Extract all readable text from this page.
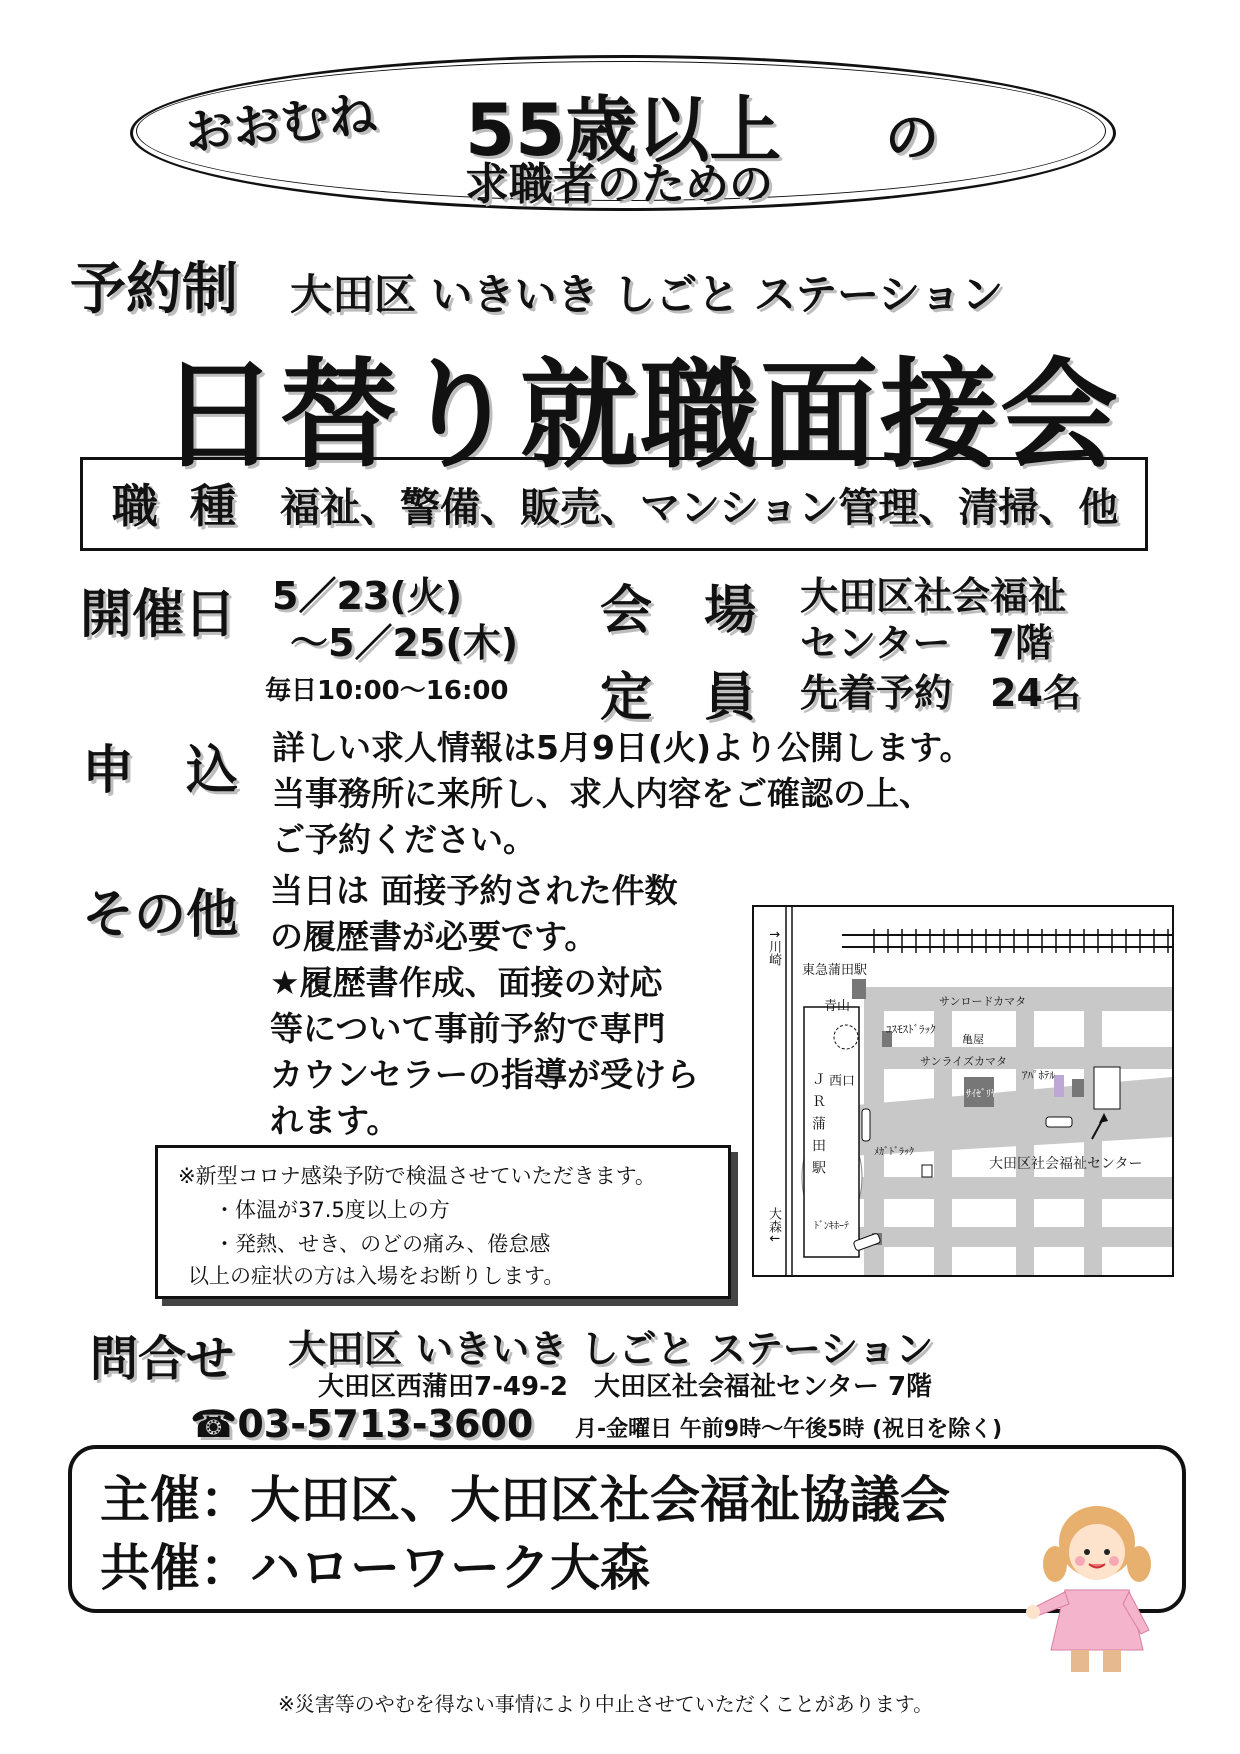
おおむね 55歳以上 の
求職者のための
予約制 大田区 いきいき しごと ステーション
日替り就職面接会
職 種 福祉、警備、販売、マンション管理、清掃、他
開催日 5／23(火)
～5／25(木)
毎日10:00～16:00
会　場 大田区社会福祉
センター　7階
定　員 先着予約　24名
申　込 詳しい求人情報は5月9日(火)より公開します。
当事務所に来所し、求人内容をご確認の上、
ご予約ください。
その他 当日は 面接予約された件数
の履歴書が必要です。
★履歴書作成、面接の対応
等について事前予約で専門
カウンセラーの指導が受けら
れます。
※新型コロナ感染予防で検温させていただきます。
・体温が37.5度以上の方
・発熱、せき、のどの痛み、倦怠感
以上の症状の方は入場をお断りします。
↑川崎
大森↓
東急蒲田駅
青山
ＪＲ蒲田駅 西口
サンロードカマタ
ｺｽﾓｽﾄﾞﾗｯｸ
亀屋
サンライズカマタ
ｱﾊﾟﾎﾃﾙ
ｻｲｾﾞﾘﾔ
ﾒｶﾞﾄﾞﾗｯｸ
ﾄﾞﾝｷﾎｰﾃ
大田区社会福祉センター
問合せ 大田区 いきいき しごと ステーション
大田区西蒲田7-49-2　大田区社会福祉センター 7階
☎03-5713-3600 月-金曜日 午前9時～午後5時 (祝日を除く)
主催：大田区、大田区社会福祉協議会
共催：ハローワーク大森
※災害等のやむを得ない事情により中止させていただくことがあります。
